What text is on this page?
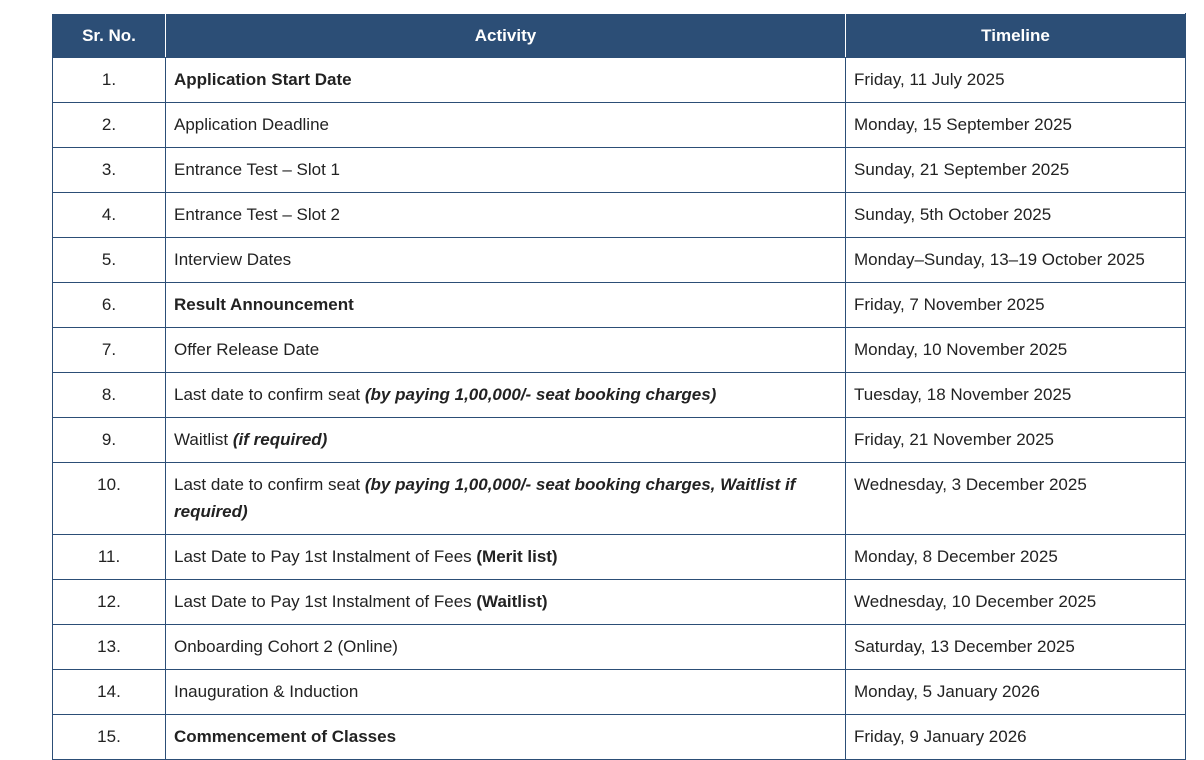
Sr. No.	Activity	Timeline
1.	Application Start Date	Friday, 11 July 2025
2.	Application Deadline	Monday, 15 September 2025
3.	Entrance Test – Slot 1	Sunday, 21 September 2025
4.	Entrance Test – Slot 2	Sunday, 5th October 2025
5.	Interview Dates	Monday–Sunday, 13–19 October 2025
6.	Result Announcement	Friday, 7 November 2025
7.	Offer Release Date	Monday, 10 November 2025
8.	Last date to confirm seat (by paying 1,00,000/- seat booking charges)	Tuesday, 18 November 2025
9.	Waitlist (if required)	Friday, 21 November 2025
10.	Last date to confirm seat (by paying 1,00,000/- seat booking charges, Waitlist if required)	Wednesday, 3 December 2025
11.	Last Date to Pay 1st Instalment of Fees (Merit list)	Monday, 8 December 2025
12.	Last Date to Pay 1st Instalment of Fees (Waitlist)	Wednesday, 10 December 2025
13.	Onboarding Cohort 2 (Online)	Saturday, 13 December 2025
14.	Inauguration & Induction	Monday, 5 January 2026
15.	Commencement of Classes	Friday, 9 January 2026
